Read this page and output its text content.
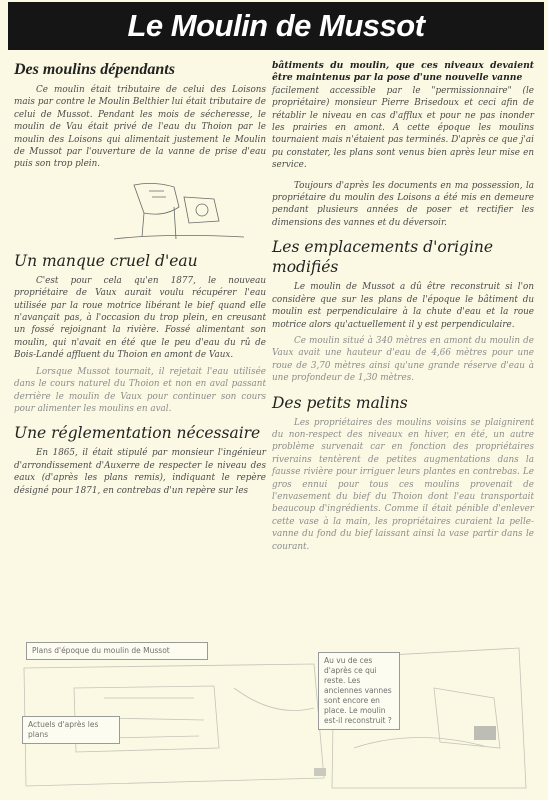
Le Moulin de Mussot
Des moulins dépendants

Ce moulin était tributaire de celui des Loisons mais par contre le Moulin Belthier lui était tributaire de celui de Mussot. Pendant les mois de sécheresse, le moulin de Vau était privé de l'eau du Thoion par le moulin des Loisons qui alimentait justement le Moulin de Mussot par l'ouverture de la vanne de prise d'eau puis son trop plein.

Un manque cruel d'eau

C'est pour cela qu'en 1877, le nouveau propriétaire de Vaux aurait voulu récupérer l'eau utilisée par la roue motrice libérant le bief quand elle n'avançait pas, à l'occasion du trop plein, en creusant un fossé rejoignant la rivière. Fossé alimentant son moulin, qui n'avait en été que le peu d'eau du rû de Bois-Landé affluent du Thoion en amont de Vaux.

Lorsque Mussot tournait, il rejetait l'eau utilisée dans le cours naturel du Thoion et non en aval passant derrière le moulin de Vaux pour continuer son cours pour alimenter les moulins en aval.

Une réglementation nécessaire

En 1865, il était stipulé par monsieur l'ingénieur d'arrondissement d'Auxerre de respecter le niveau des eaux (d'après les plans remis), indiquant le repère désigné pour 1871, en contrebas d'un repère sur les

bâtiments du moulin, que ces niveaux devaient être maintenus par la pose d'une nouvelle vanne

facilement accessible par le "permissionnaire" (le propriétaire) monsieur Pierre Brisedoux et ceci afin de rétablir le niveau en cas d'afflux et pour ne pas inonder les prairies en amont. A cette époque les moulins tournaient mais n'étaient pas terminés. D'après ce que j'ai pu constater, les plans sont venus bien après leur mise en service.

Toujours d'après les documents en ma possession, la propriétaire du moulin des Loisons a été mis en demeure pendant plusieurs années de poser et rectifier les dimensions des vannes et du déversoir.

Les emplacements d'origine modifiés

Le moulin de Mussot a dû être reconstruit si l'on considère que sur les plans de l'époque le bâtiment du moulin est perpendiculaire à la chute d'eau et la roue motrice alors qu'actuellement il y est perpendiculaire.

Ce moulin situé à 340 mètres en amont du moulin de Vaux avait une hauteur d'eau de 4,66 mètres pour une roue de 3,70 mètres ainsi qu'une grande réserve d'eau à une profondeur de 1,30 mètres.

Des petits malins

Les propriétaires des moulins voisins se plaignirent du non-respect des niveaux en hiver, en été, un autre problème survenait car en fonction des propriétaires riverains tentèrent de petites augmentations dans la fausse rivière pour irriguer leurs plantes en contrebas. Le gros ennui pour tous ces moulins provenait de l'envasement du bief du Thoion dont l'eau transportait beaucoup d'ingrédients. Comme il était pénible d'enlever cette vase à la main, les propriétaires curaient la pelle-vanne du fond du bief laissant ainsi la vase partir dans le courant.

Plans d'époque du moulin de Mussot
Actuels d'après les plans
Au vu de ces d'après ce qui reste. Les anciennes vannes sont encore en place. Le moulin est-il reconstruit ?
